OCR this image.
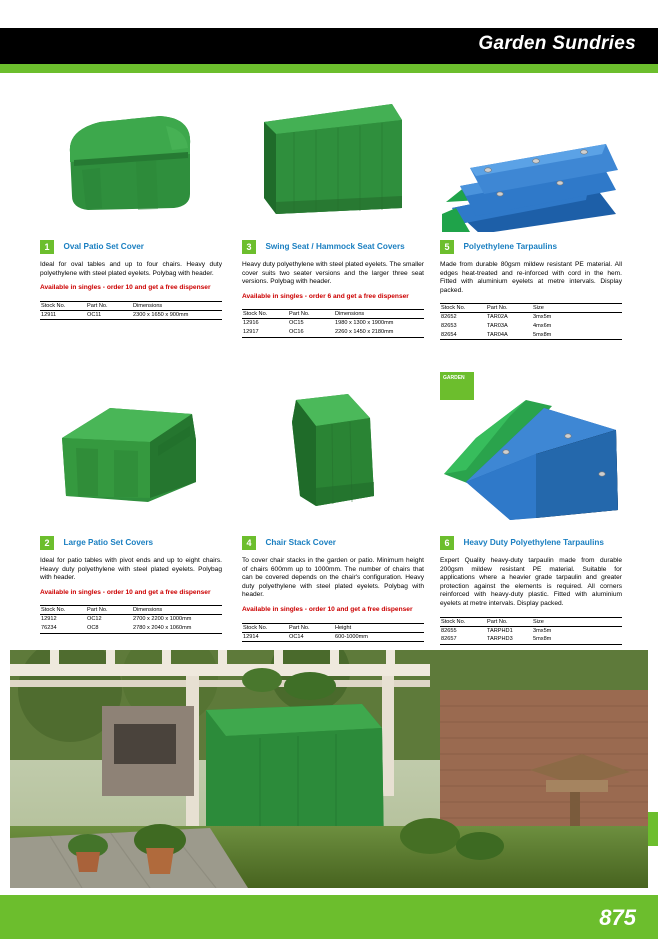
Garden Sundries
1 Oval Patio Set Cover
Ideal for oval tables and up to four chairs. Heavy duty polyethylene with steel plated eyelets. Polybag with header.
Available in singles - order 10 and get a free dispenser
Stock No.	Part No.	Dimensions
12911	OC11	2300 x 1650 x 900mm
3 Swing Seat / Hammock Seat Covers
Heavy duty polyethylene with steel plated eyelets. The smaller cover suits two seater versions and the larger three seat versions. Polybag with header.
Available in singles - order 6 and get a free dispenser
Stock No.	Part No.	Dimensions
12916	OC15	1980 x 1300 x 1900mm
12917	OC16	2260 x 1450 x 2180mm
5 Polyethylene Tarpaulins
Made from durable 80gsm mildew resistant PE material. All edges heat-treated and re-inforced with cord in the hem. Fitted with aluminium eyelets at metre intervals. Display packed.
Stock No.	Part No.	Size
82652	TAR02A	3mx5m
82653	TAR03A	4mx6m
82654	TAR04A	5mx8m
GARDEN
2 Large Patio Set Covers
Ideal for patio tables with pivot ends and up to eight chairs. Heavy duty polyethylene with steel plated eyelets. Polybag with header.
Available in singles - order 10 and get a free dispenser
Stock No.	Part No.	Dimensions
12912	OC12	2700 x 2200 x 1000mm
76234	OC8	2780 x 2040 x 1060mm
4 Chair Stack Cover
To cover chair stacks in the garden or patio. Minimum height of chairs 600mm up to 1000mm. The number of chairs that can be covered depends on the chair's configuration. Heavy duty polyethylene with steel plated eyelets. Polybag with header.
Available in singles - order 10 and get a free dispenser
Stock No.	Part No.	Height
12914	OC14	600-1000mm
6 Heavy Duty Polyethylene Tarpaulins
Expert Quality heavy-duty tarpaulin made from durable 200gsm mildew resistant PE material. Suitable for applications where a heavier grade tarpaulin and greater protection against the elements is required. All corners reinforced with heavy-duty plastic. Fitted with aluminium eyelets at metre intervals. Display packed.
Stock No.	Part No.	Size
82655	TARPHD1	3mx5m
82657	TARPHD3	5mx8m
875
